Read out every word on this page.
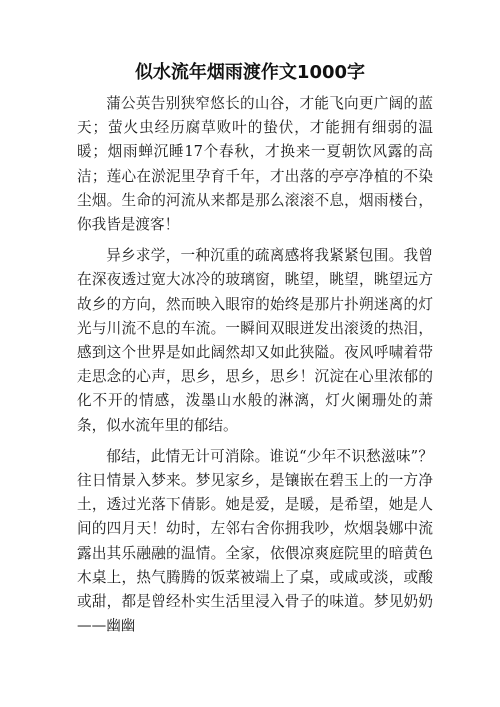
似水流年烟雨渡作文1000字

蒲公英告别狭窄悠长的山谷，才能飞向更广阔的蓝天；萤火虫经历腐草败叶的蛰伏，才能拥有细弱的温暖；烟雨蝉沉睡17个春秋，才换来一夏朝饮风露的高洁；莲心在淤泥里孕育千年，才出落的亭亭净植的不染尘烟。生命的河流从来都是那么滚滚不息，烟雨楼台，你我皆是渡客！

异乡求学，一种沉重的疏离感将我紧紧包围。我曾在深夜透过宽大冰冷的玻璃窗，眺望，眺望，眺望远方故乡的方向，然而映入眼帘的始终是那片扑朔迷离的灯光与川流不息的车流。一瞬间双眼迸发出滚烫的热泪，感到这个世界是如此阔然却又如此狭隘。夜风呼啸着带走思念的心声，思乡，思乡，思乡！沉淀在心里浓郁的化不开的情感，泼墨山水般的淋漓，灯火阑珊处的萧条，似水流年里的郁结。

郁结，此情无计可消除。谁说“少年不识愁滋味”？往日情景入梦来。梦见家乡，是镶嵌在碧玉上的一方净土，透过光落下倩影。她是爱，是暖，是希望，她是人间的四月天！幼时，左邻右舍你拥我吵，炊烟袅娜中流露出其乐融融的温情。全家，依偎凉爽庭院里的暗黄色木桌上，热气腾腾的饭菜被端上了桌，或咸或淡，或酸或甜，都是曾经朴实生活里浸入骨子的味道。梦见奶奶——幽幽
